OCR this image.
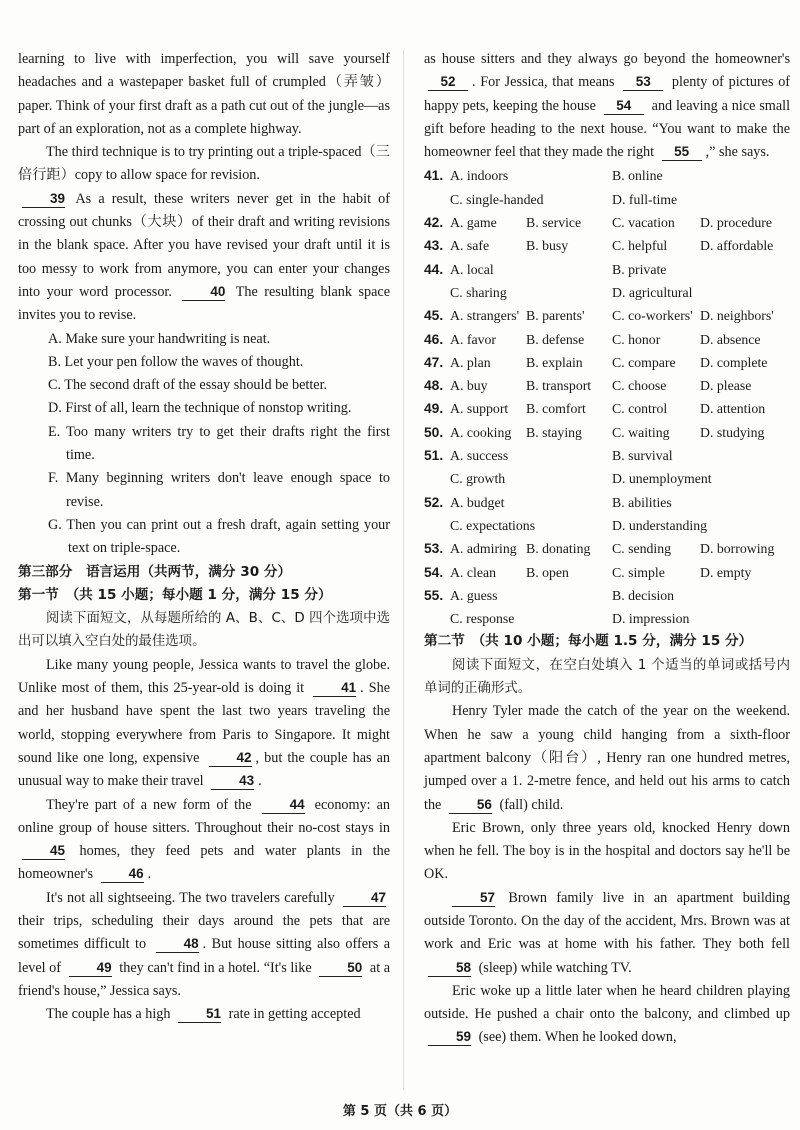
learning to live with imperfection, you will save yourself headaches and a wastepaper basket full of crumpled（弄皱）paper. Think of your first draft as a path cut out of the jungle—as part of an exploration, not as a complete highway.

The third technique is to try printing out a triple-spaced（三倍行距）copy to allow space for revision.
39 As a result, these writers never get in the habit of crossing out chunks（大块）of their draft and writing revisions in the blank space. After you have revised your draft until it is too messy to work from anymore, you can enter your changes into your word processor.	40 The resulting blank space invites you to revise.

A. Make sure your handwriting is neat.

B. Let your pen follow the waves of thought.

C. The second draft of the essay should be better.

D. First of all, learn the technique of nonstop writing.

E. Too many writers try to get their drafts right the first time.

F. Many beginning writers don't leave enough space to revise.

G. Then you can print out a fresh draft, again setting your text on triple-space.

第三部分　语言运用（共两节，满分 30 分）

第一节　（共 15 小题；每小题 1 分，满分 15 分）

阅读下面短文，从每题所给的 A、B、C、D 四个选项中选出可以填入空白处的最佳选项。

Like many young people, Jessica wants to travel the globe. Unlike most of them, this 25-year-old is doing it	41 . She and her husband have spent the last two years traveling the world, stopping everywhere from Paris to Singapore. It might sound like one long, expensive	42 , but the couple has an unusual way to make their travel	43 .

They're part of a new form of the	44 economy: an online group of house sitters. Throughout their no-cost stays in 45 homes, they feed pets and water plants in the homeowner's	46 .

It's not all sightseeing. The two travelers carefully	47 their trips, scheduling their days around the pets that are sometimes difficult to	48 . But house sitting also offers a level of	49 they can't find in a hotel. “It's like	50 at a friend's house,” Jessica says.

The couple has a high	51 rate in getting accepted

as house sitters and they always go beyond the homeowner's 52 . For Jessica, that means 53 plenty of pictures of happy pets, keeping the house 54 and leaving a nice small gift before heading to the next house. “You want to make the homeowner feel that they made the right 55 ,” she says.

41.	A. indoors		B. online	
	C. single-handed		D. full-time	
42.	A. game	B. service	C. vacation	D. procedure
43.	A. safe	B. busy	C. helpful	D. affordable
44.	A. local		B. private	
	C. sharing		D. agricultural	
45.	A. strangers'	B. parents'	C. co-workers'	D. neighbors'
46.	A. favor	B. defense	C. honor	D. absence
47.	A. plan	B. explain	C. compare	D. complete
48.	A. buy	B. transport	C. choose	D. please
49.	A. support	B. comfort	C. control	D. attention
50.	A. cooking	B. staying	C. waiting	D. studying
51.	A. success		B. survival	
	C. growth		D. unemployment	
52.	A. budget		B. abilities	
	C. expectations		D. understanding	
53.	A. admiring	B. donating	C. sending	D. borrowing
54.	A. clean	B. open	C. simple	D. empty
55.	A. guess		B. decision	
	C. response		D. impression	

第二节　（共 10 小题；每小题 1.5 分，满分 15 分）

阅读下面短文，在空白处填入 1 个适当的单词或括号内单词的正确形式。

Henry Tyler made the catch of the year on the weekend. When he saw a young child hanging from a sixth-floor apartment balcony（阳台）, Henry ran one hundred metres, jumped over a 1. 2-metre fence, and held out his arms to catch the	56 (fall) child.

Eric Brown, only three years old, knocked Henry down when he fell. The boy is in the hospital and doctors say he'll be OK.

57 Brown family live in an apartment building outside Toronto. On the day of the accident, Mrs. Brown was at work and Eric was at home with his father. They both fell 58 (sleep) while watching TV.

Eric woke up a little later when he heard children playing outside. He pushed a chair onto the balcony, and climbed up 59 (see) them. When he looked down,

第 5 页（共 6 页）
